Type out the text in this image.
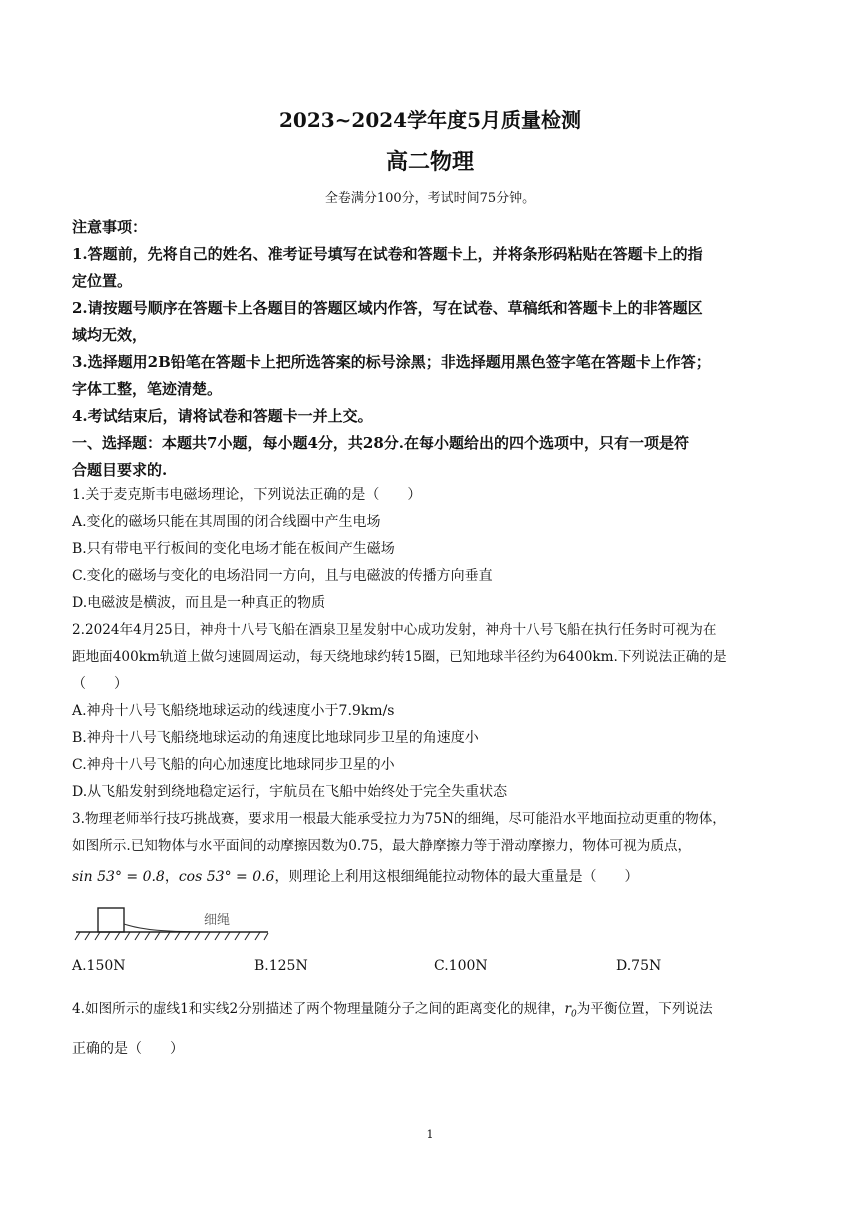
2023~2024学年度5月质量检测
高二物理
全卷满分100分，考试时间75分钟。
注意事项：
1.答题前，先将自己的姓名、准考证号填写在试卷和答题卡上，并将条形码粘贴在答题卡上的指
定位置。
2.请按题号顺序在答题卡上各题目的答题区域内作答，写在试卷、草稿纸和答题卡上的非答题区
域均无效，
3.选择题用2B铅笔在答题卡上把所选答案的标号涂黑；非选择题用黑色签字笔在答题卡上作答；
字体工整，笔迹清楚。
4.考试结束后，请将试卷和答题卡一并上交。
一、选择题：本题共7小题，每小题4分，共28分.在每小题给出的四个选项中，只有一项是符
合题目要求的.
1.关于麦克斯韦电磁场理论，下列说法正确的是（　　）
A.变化的磁场只能在其周围的闭合线圈中产生电场
B.只有带电平行板间的变化电场才能在板间产生磁场
C.变化的磁场与变化的电场沿同一方向，且与电磁波的传播方向垂直
D.电磁波是横波，而且是一种真正的物质
2.2024年4月25日，神舟十八号飞船在酒泉卫星发射中心成功发射，神舟十八号飞船在执行任务时可视为在
距地面400km轨道上做匀速圆周运动，每天绕地球约转15圈，已知地球半径约为6400km.下列说法正确的是
（　　）
A.神舟十八号飞船绕地球运动的线速度小于7.9km/s
B.神舟十八号飞船绕地球运动的角速度比地球同步卫星的角速度小
C.神舟十八号飞船的向心加速度比地球同步卫星的小
D.从飞船发射到绕地稳定运行，宇航员在飞船中始终处于完全失重状态
3.物理老师举行技巧挑战赛，要求用一根最大能承受拉力为75N的细绳，尽可能沿水平地面拉动更重的物体，
如图所示.已知物体与水平面间的动摩擦因数为0.75，最大静摩擦力等于滑动摩擦力，物体可视为质点，
sin 53° = 0.8，cos 53° = 0.6，则理论上利用这根细绳能拉动物体的最大重量是（　　）
细绳
A.150N	B.125N	C.100N	D.75N
4.如图所示的虚线1和实线2分别描述了两个物理量随分子之间的距离变化的规律，$r_0$为平衡位置，下列说法
正确的是（　　）
1
